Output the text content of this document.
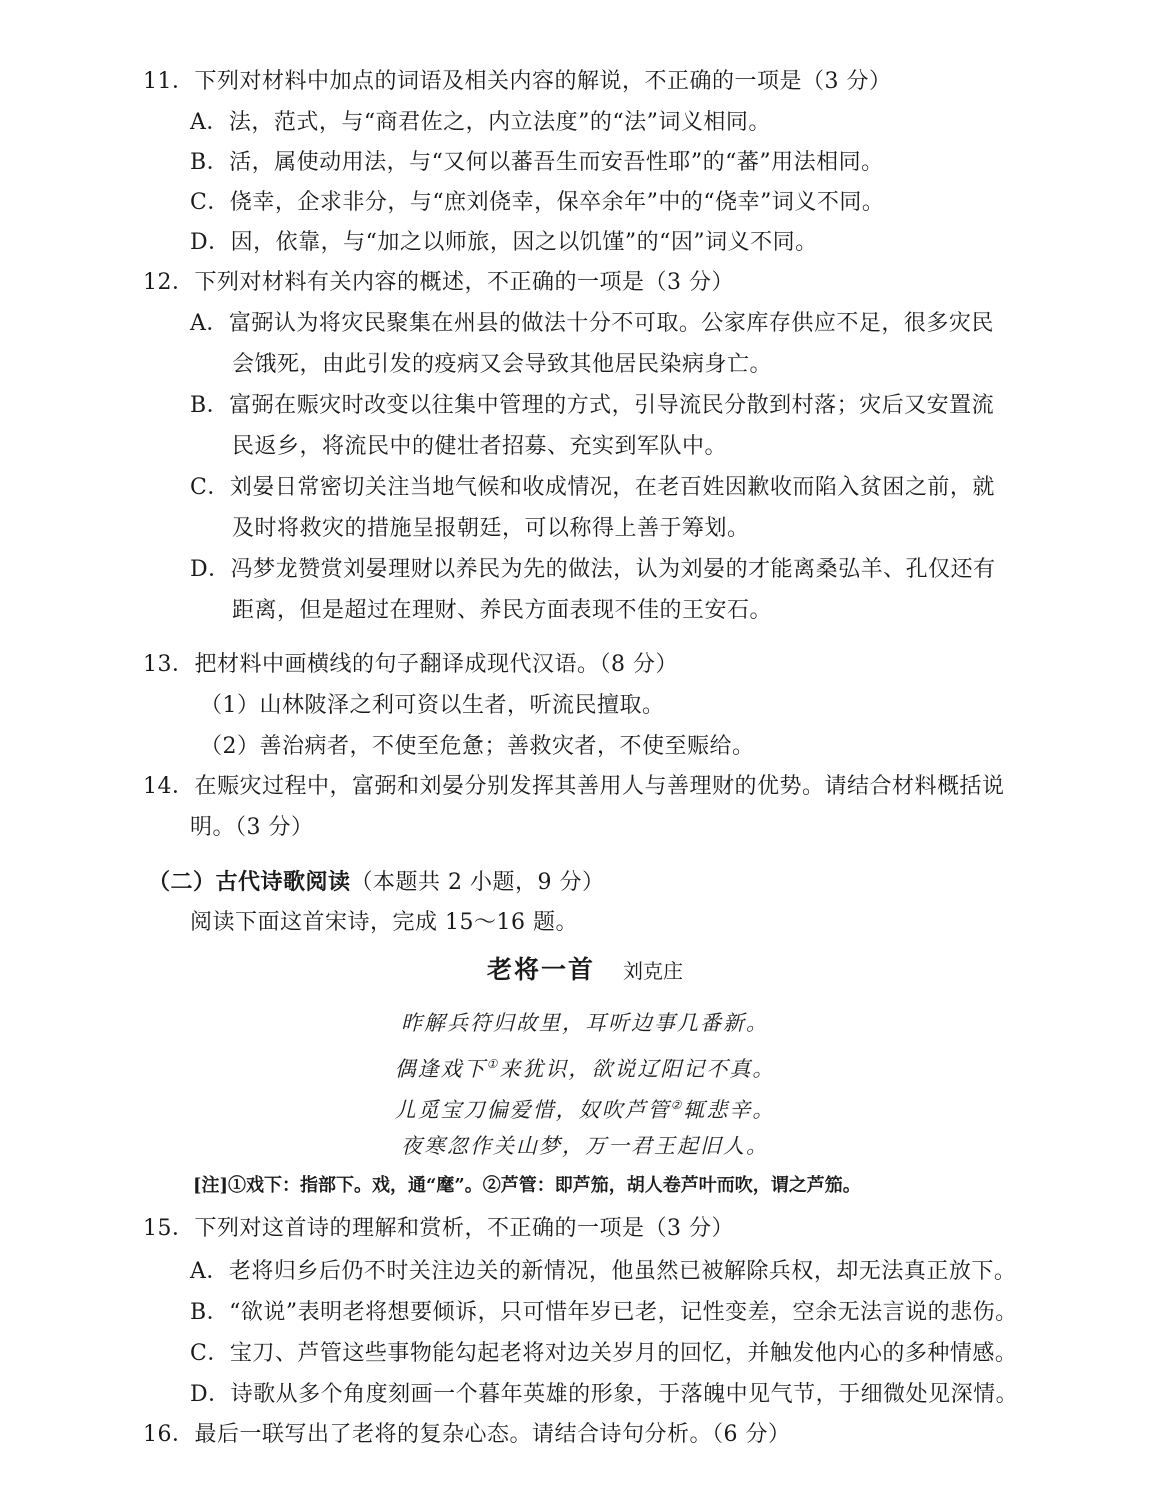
11．下列对材料中加点的词语及相关内容的解说，不正确的一项是（3 分）
A．法，范式，与“商君佐之，内立法度”的“法”词义相同。
B．活，属使动用法，与“又何以蕃吾生而安吾性耶”的“蕃”用法相同。
C．侥幸，企求非分，与“庶刘侥幸，保卒余年”中的“侥幸”词义不同。
D．因，依靠，与“加之以师旅，因之以饥馑”的“因”词义不同。
12．下列对材料有关内容的概述，不正确的一项是（3 分）
A．富弼认为将灾民聚集在州县的做法十分不可取。公家库存供应不足，很多灾民
会饿死，由此引发的疫病又会导致其他居民染病身亡。
B．富弼在赈灾时改变以往集中管理的方式，引导流民分散到村落；灾后又安置流
民返乡，将流民中的健壮者招募、充实到军队中。
C．刘晏日常密切关注当地气候和收成情况，在老百姓因歉收而陷入贫困之前，就
及时将救灾的措施呈报朝廷，可以称得上善于筹划。
D．冯梦龙赞赏刘晏理财以养民为先的做法，认为刘晏的才能离桑弘羊、孔仅还有
距离，但是超过在理财、养民方面表现不佳的王安石。
13．把材料中画横线的句子翻译成现代汉语。（8 分）
（1）山林陂泽之利可资以生者，听流民擅取。
（2）善治病者，不使至危惫；善救灾者，不使至赈给。
14．在赈灾过程中，富弼和刘晏分别发挥其善用人与善理财的优势。请结合材料概括说
明。（3 分）
（二）古代诗歌阅读（本题共 2 小题，9 分）
阅读下面这首宋诗，完成 15～16 题。
老将一首 刘克庄
昨解兵符归故里，耳听边事几番新。
偶逢戏下①来犹识，欲说辽阳记不真。
儿觅宝刀偏爱惜，奴吹芦管②辄悲辛。
夜寒忽作关山梦，万一君王起旧人。
[注]①戏下：指部下。戏，通“麾”。②芦管：即芦笳，胡人卷芦叶而吹，谓之芦笳。
15．下列对这首诗的理解和赏析，不正确的一项是（3 分）
A．老将归乡后仍不时关注边关的新情况，他虽然已被解除兵权，却无法真正放下。
B．“欲说”表明老将想要倾诉，只可惜年岁已老，记性变差，空余无法言说的悲伤。
C．宝刀、芦管这些事物能勾起老将对边关岁月的回忆，并触发他内心的多种情感。
D．诗歌从多个角度刻画一个暮年英雄的形象，于落魄中见气节，于细微处见深情。
16．最后一联写出了老将的复杂心态。请结合诗句分析。（6 分）
